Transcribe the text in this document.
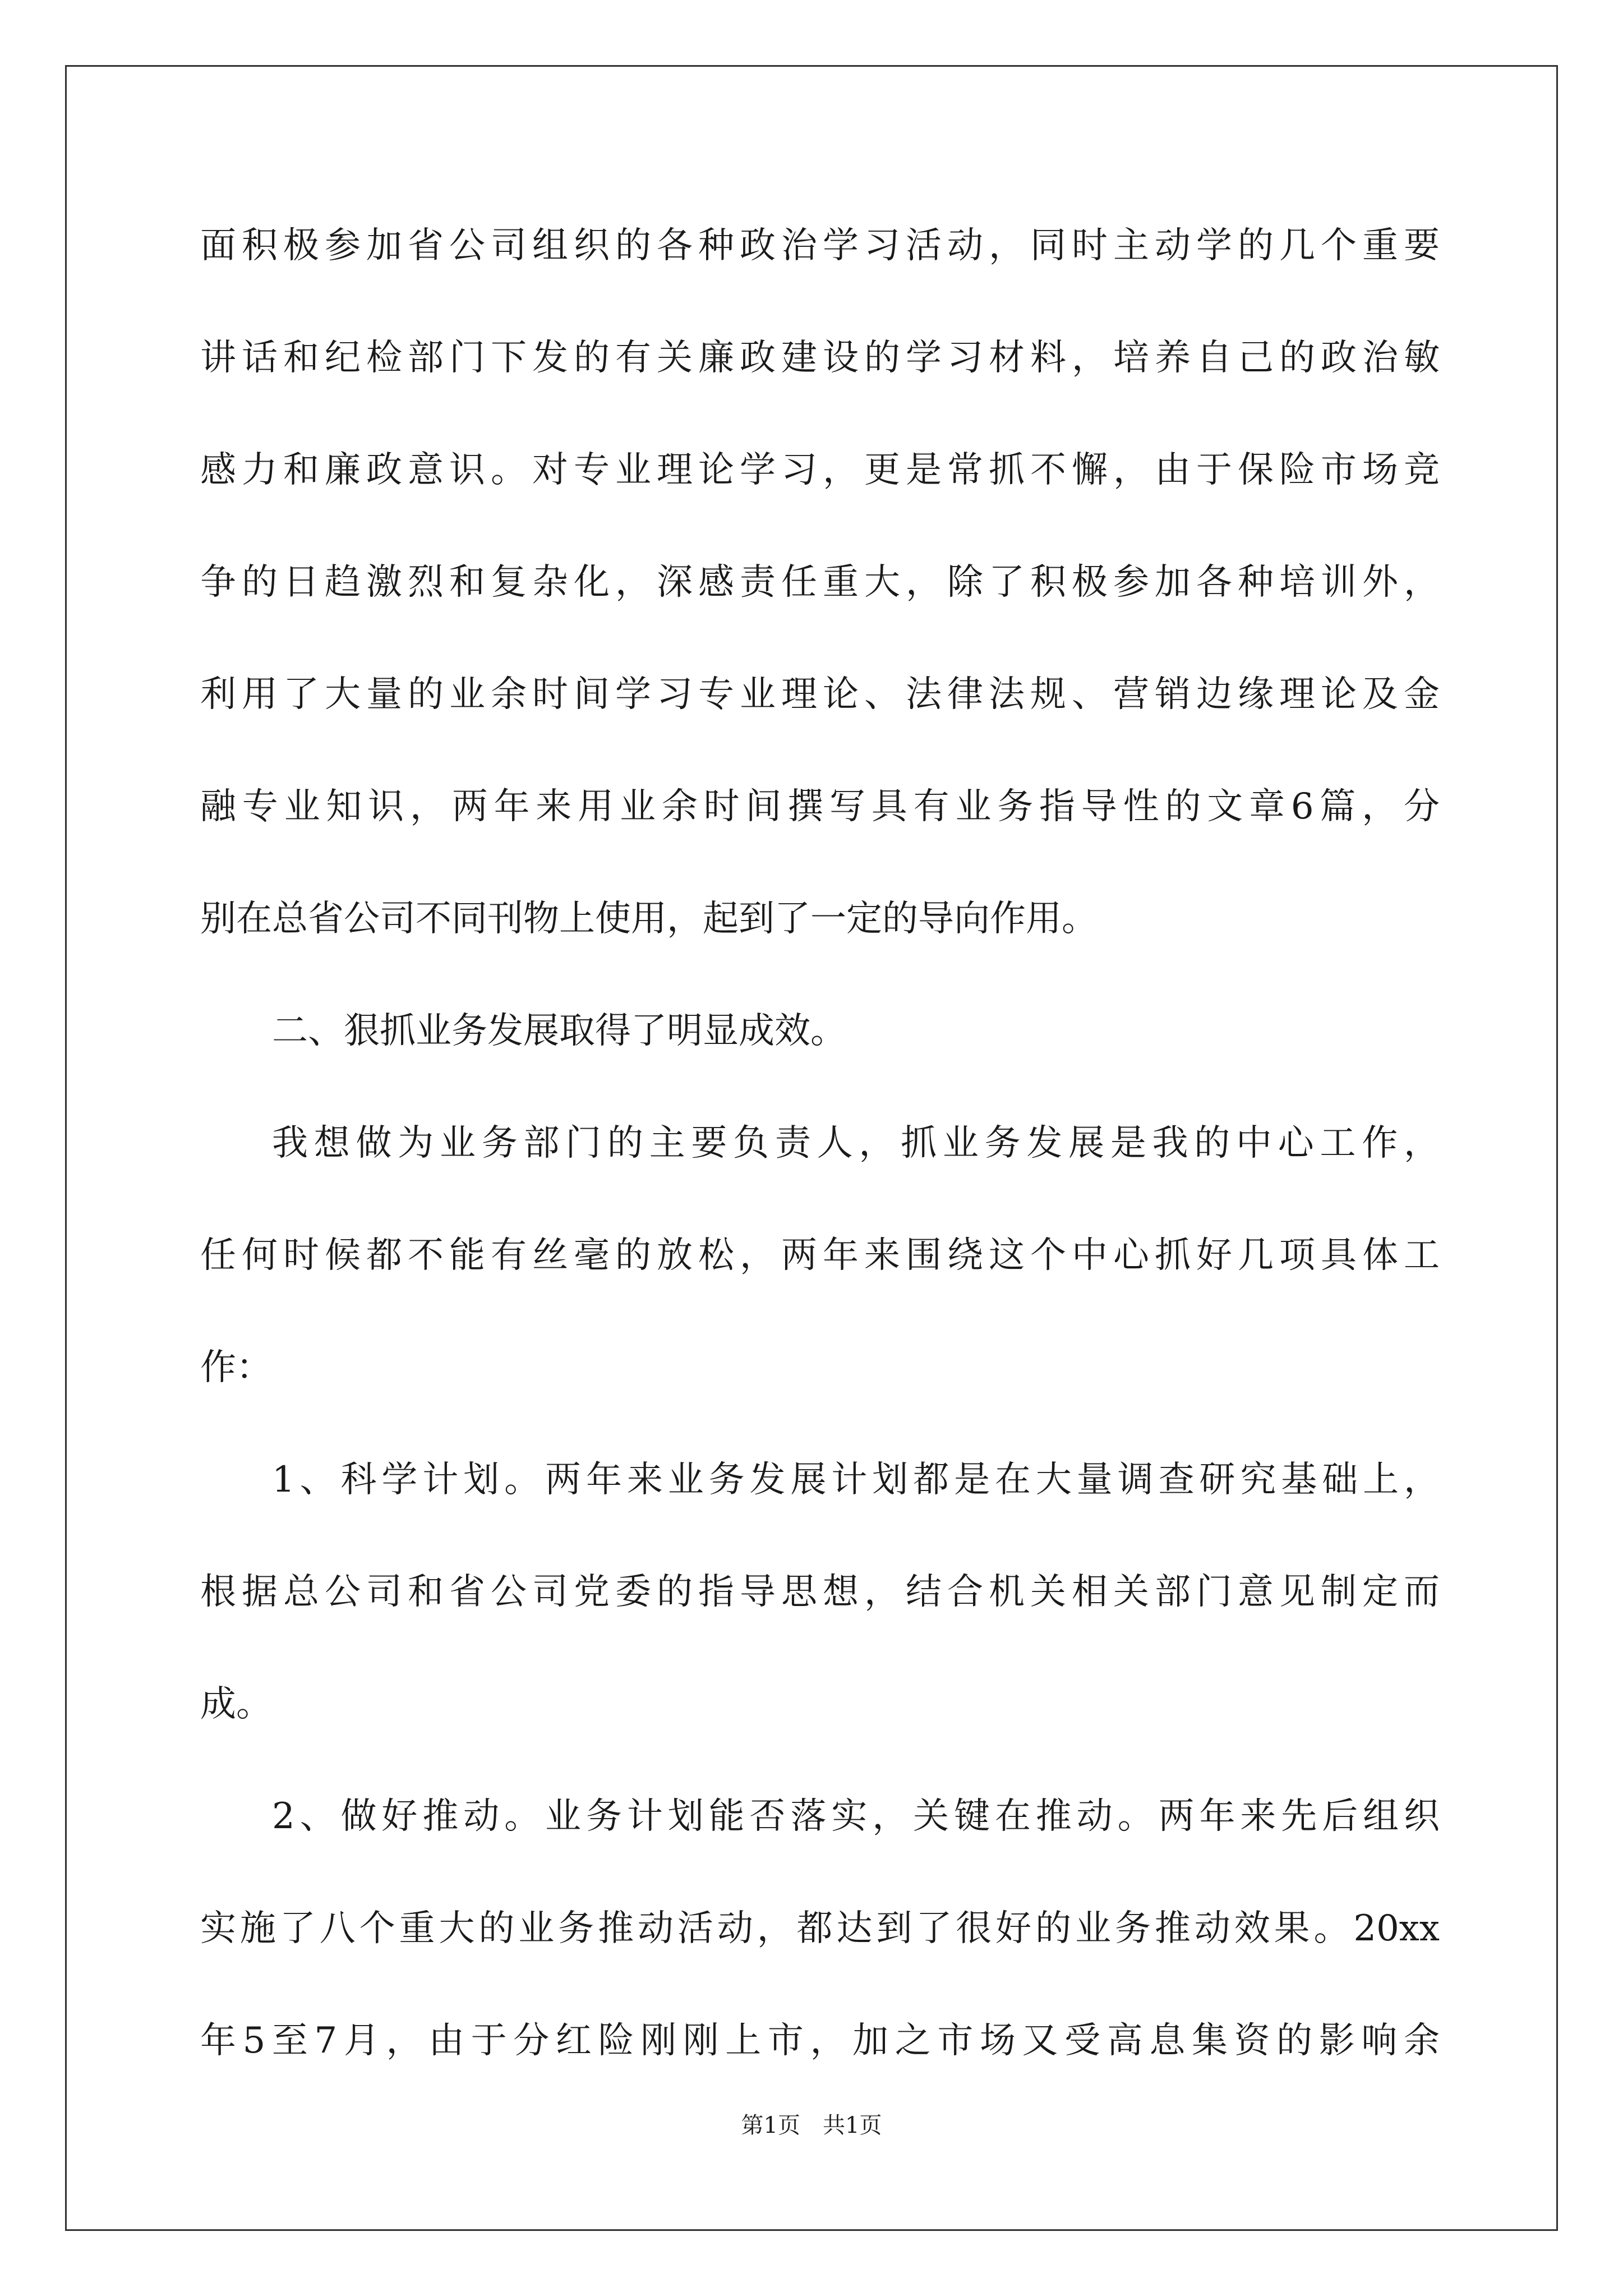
面积极参加省公司组织的各种政治学习活动，同时主动学的几个重要
讲话和纪检部门下发的有关廉政建设的学习材料，培养自己的政治敏
感力和廉政意识。对专业理论学习，更是常抓不懈，由于保险市场竞
争的日趋激烈和复杂化，深感责任重大，除了积极参加各种培训外，
利用了大量的业余时间学习专业理论、法律法规、营销边缘理论及金
融专业知识，两年来用业余时间撰写具有业务指导性的文章6篇，分
别在总省公司不同刊物上使用，起到了一定的导向作用。
二、狠抓业务发展取得了明显成效。
我想做为业务部门的主要负责人，抓业务发展是我的中心工作，
任何时候都不能有丝毫的放松，两年来围绕这个中心抓好几项具体工
作：
1、科学计划。两年来业务发展计划都是在大量调查研究基础上，
根据总公司和省公司党委的指导思想，结合机关相关部门意见制定而
成。
2、做好推动。业务计划能否落实，关键在推动。两年来先后组织
实施了八个重大的业务推动活动，都达到了很好的业务推动效果。20xx
年5至7月，由于分红险刚刚上市，加之市场又受高息集资的影响余
第1页 共1页
